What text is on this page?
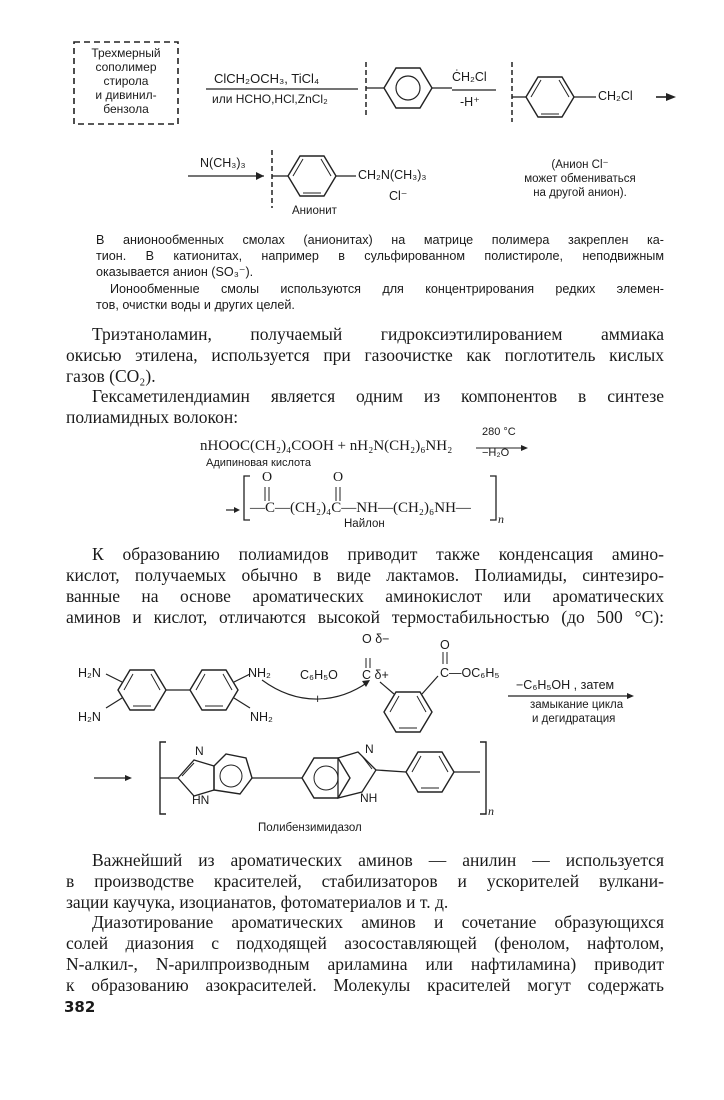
Трехмерный
сополимер
стирола
и дивинил-
бензола
ClCH₂OCH₃, TiCl₄
или HCHO,HCl,ZnCl₂
ĊH₂Cl
-H⁺	CH₂Cl
N(CH₃)₃
CH₂N(CH₃)₃
Cl⁻
Анионит
(Анион Cl⁻
может обмениваться
на другой анион).
В анионообменных смолах (анионитах) на матрице полимера закреплен ка-
тион. В катионитах, например в сульфированном полистироле, неподвижным
оказывается анион (SO₃⁻).
Ионообменные смолы используются для концентрирования редких элемен-
тов, очистки воды и других целей.
Триэтаноламин, получаемый гидроксиэтилированием аммиака
окисью этилена, используется при газоочистке как поглотитель кислых
газов (CO₂).
Гексаметилендиамин является одним из компонентов в синтезе
полиамидных волокон:
nHOOC(CH₂)₄COOH + nH₂N(CH₂)₆NH₂
280 °C
−H₂O
Адипиновая кислота
O	O
—C—(CH₂)₄C—NH—(CH₂)₆NH—
n
Найлон
К образованию полиамидов приводит также конденсация амино-
кислот, получаемых обычно в виде лактамов. Полиамиды, синтезиро-
ванные на основе ароматических аминокислот или ароматических
аминов и кислот, отличаются высокой термостабильностью (до 500 °C):
H₂N
H₂N
NH₂
NH₂
C₆H₅O
O δ−
C δ+
+
O
C—OC₆H₅
−C₆H₅OH , затем
замыкание цикла
и дегидратация
N	N
HN	NH
n
Полибензимидазол
Важнейший из ароматических аминов — анилин — используется
в производстве красителей, стабилизаторов и ускорителей вулкани-
зации каучука, изоцианатов, фотоматериалов и т. д.
Диазотирование ароматических аминов и сочетание образующихся
солей диазония с подходящей азосоставляющей (фенолом, нафтолом,
N-алкил-, N-арилпроизводным ариламина или нафтиламина) приводит
к образованию азокрасителей. Молекулы красителей могут содержать
382
